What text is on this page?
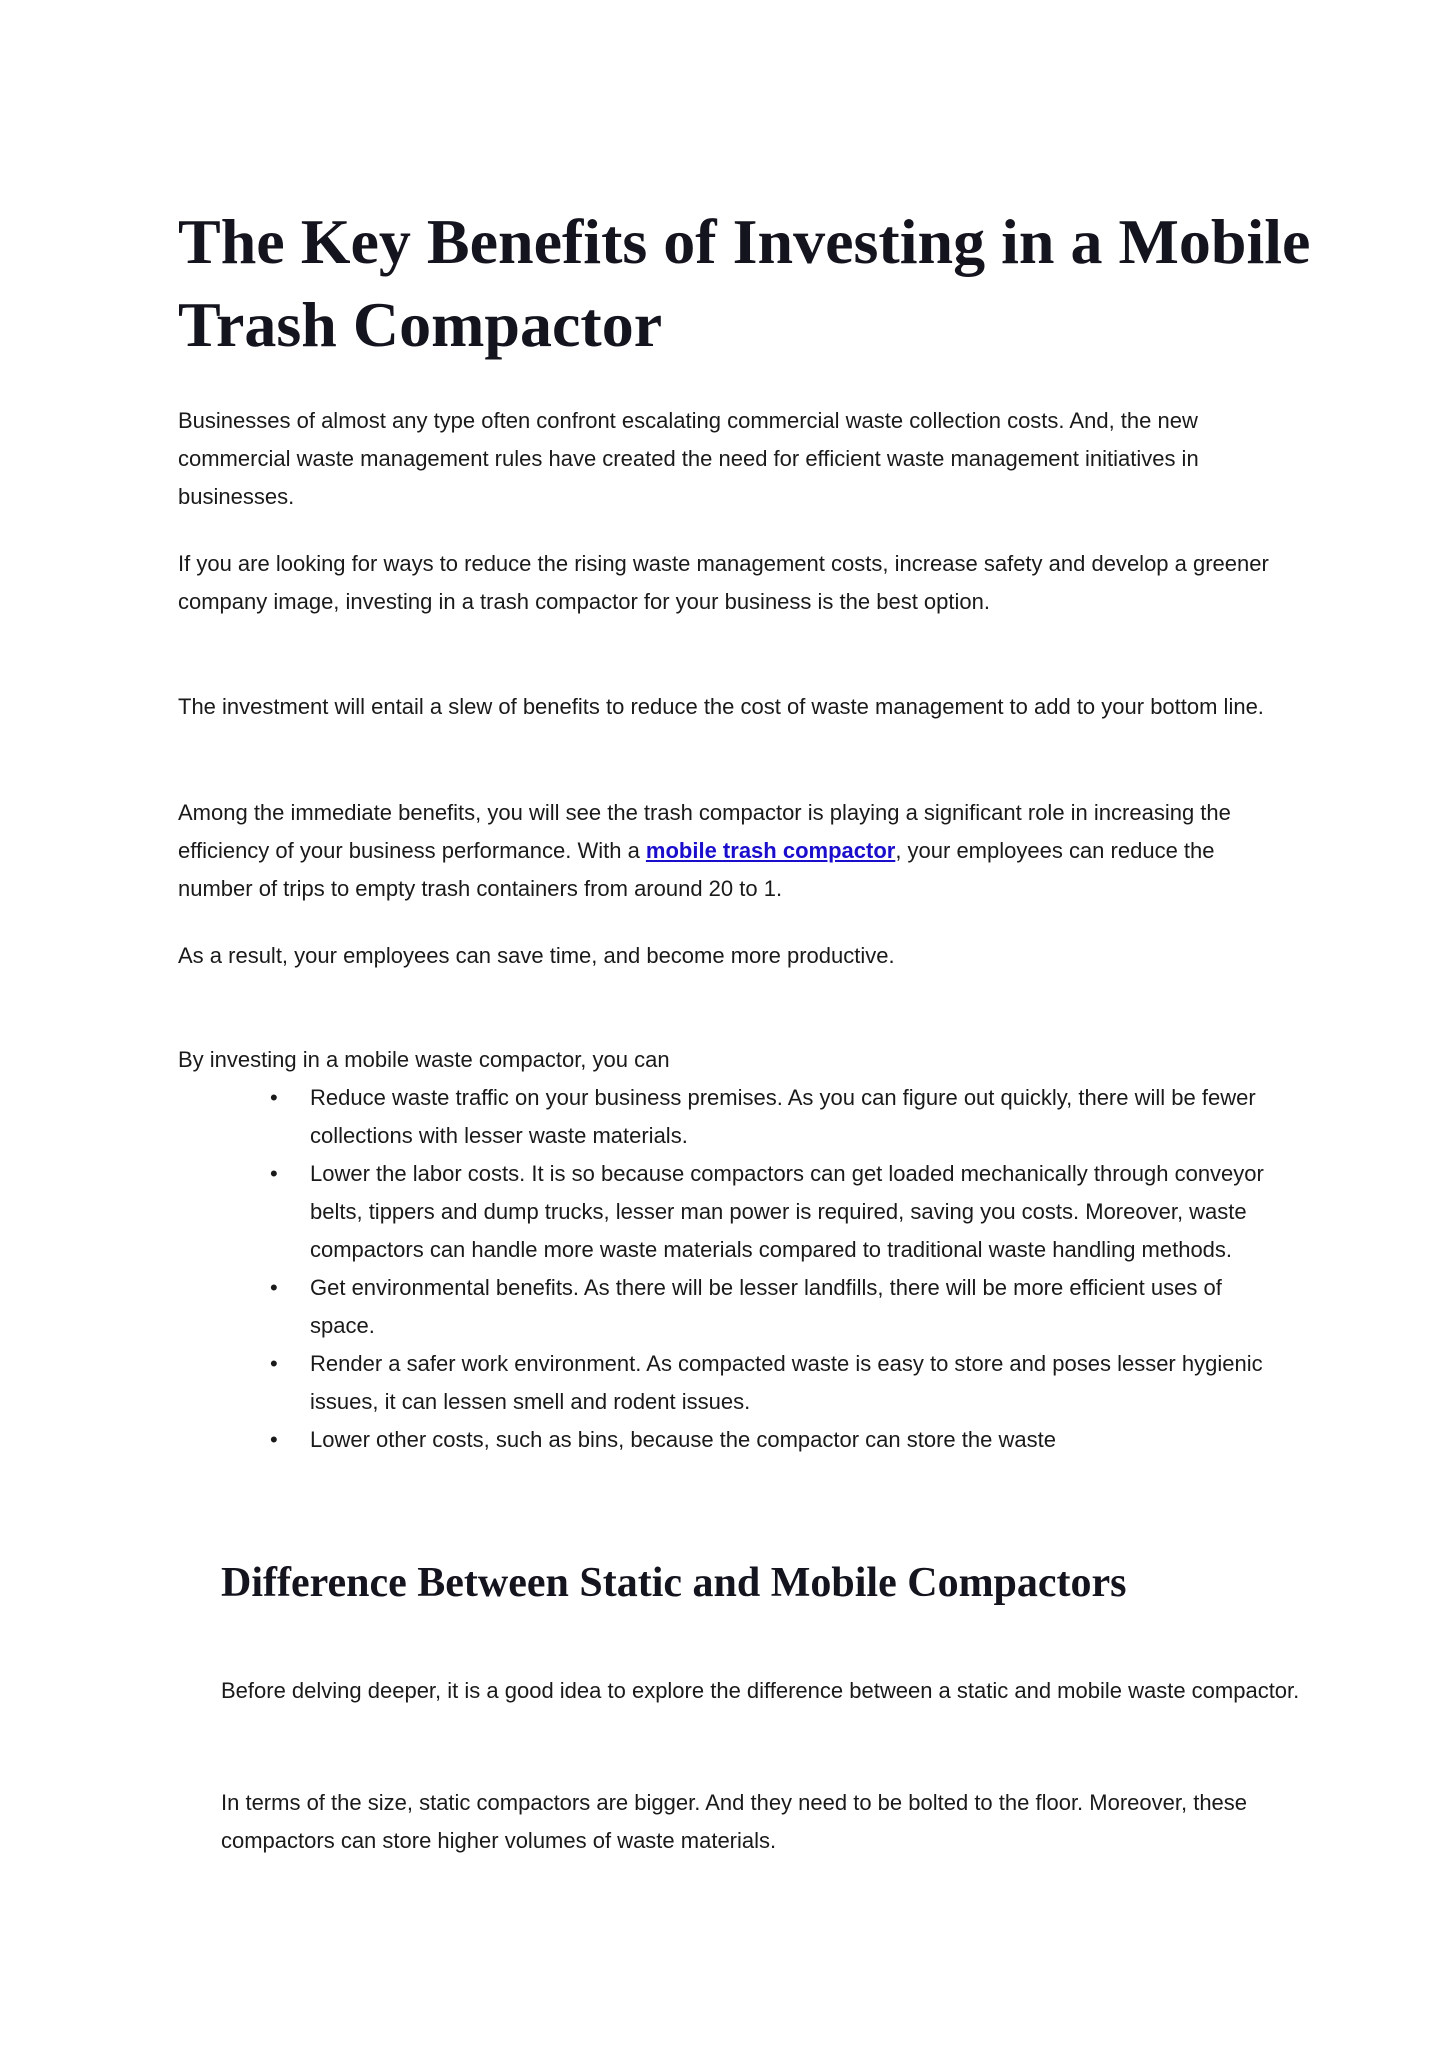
The Key Benefits of Investing in a Mobile Trash Compactor

Businesses of almost any type often confront escalating commercial waste collection costs. And, the new commercial waste management rules have created the need for efficient waste management initiatives in businesses.

If you are looking for ways to reduce the rising waste management costs, increase safety and develop a greener company image, investing in a trash compactor for your business is the best option.

The investment will entail a slew of benefits to reduce the cost of waste management to add to your bottom line.

Among the immediate benefits, you will see the trash compactor is playing a significant role in increasing the efficiency of your business performance. With a mobile trash compactor, your employees can reduce the number of trips to empty trash containers from around 20 to 1.

As a result, your employees can save time, and become more productive.

By investing in a mobile waste compactor, you can

• Reduce waste traffic on your business premises. As you can figure out quickly, there will be fewer collections with lesser waste materials.
• Lower the labor costs. It is so because compactors can get loaded mechanically through conveyor belts, tippers and dump trucks, lesser man power is required, saving you costs. Moreover, waste compactors can handle more waste materials compared to traditional waste handling methods.
• Get environmental benefits. As there will be lesser landfills, there will be more efficient uses of space.
• Render a safer work environment. As compacted waste is easy to store and poses lesser hygienic issues, it can lessen smell and rodent issues.
• Lower other costs, such as bins, because the compactor can store the waste
Difference Between Static and Mobile Compactors

Before delving deeper, it is a good idea to explore the difference between a static and mobile waste compactor.

In terms of the size, static compactors are bigger. And they need to be bolted to the floor. Moreover, these compactors can store higher volumes of waste materials.
